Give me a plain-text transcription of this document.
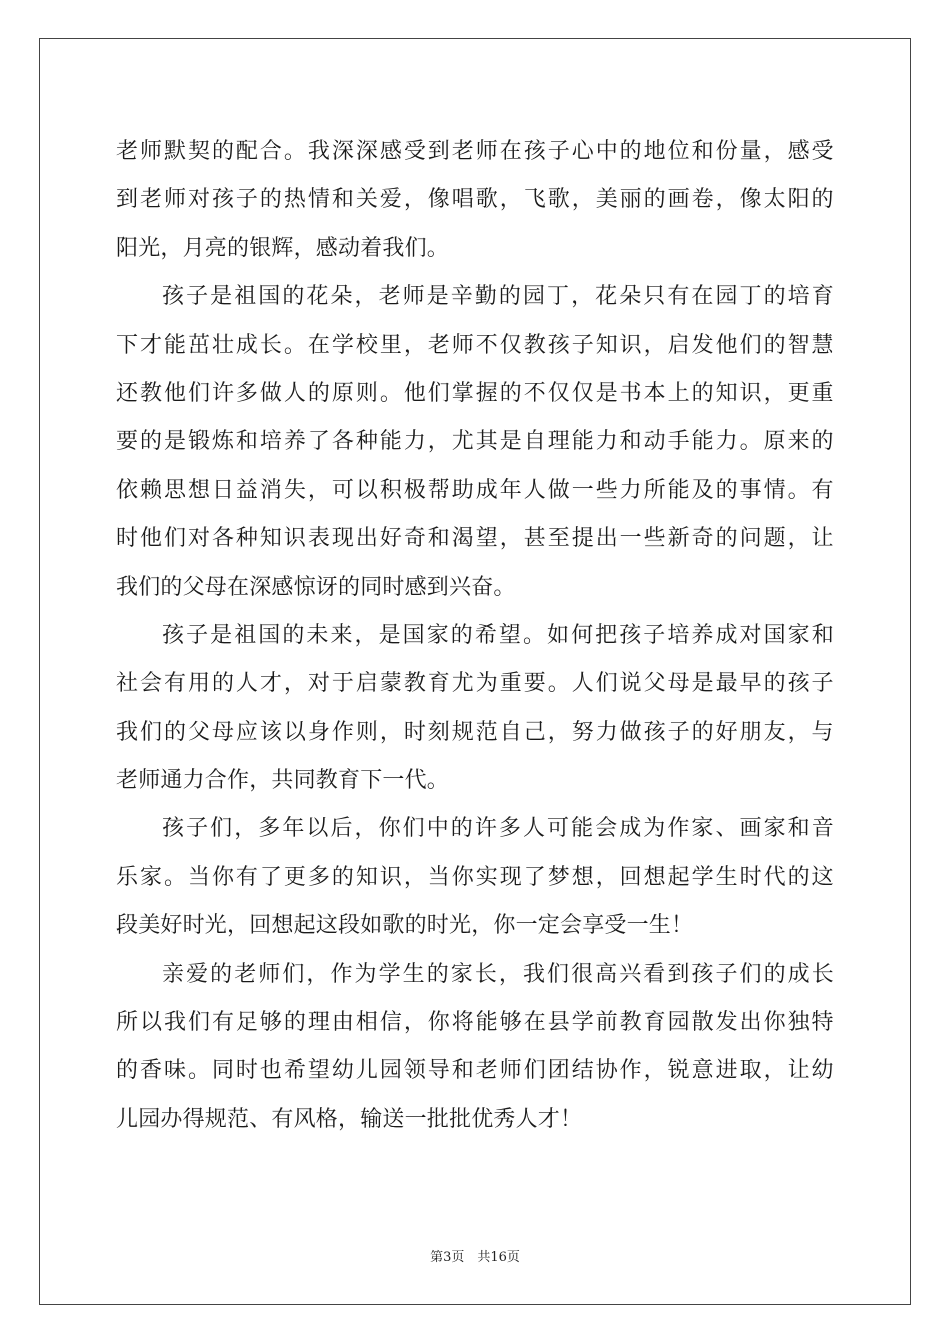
老 师 默 契 的 配 合 。 我 深 深 感 受 到 老 师 在 孩 子 心 中 的 地 位 和 份 量 ， 感 受
到 老 师 对 孩 子 的 热 情 和 关 爱 ， 像 唱 歌 ， 飞 歌 ， 美 丽 的 画 卷 ， 像 太 阳 的
阳光，月亮的银辉，感动着我们。
孩 子 是 祖 国 的 花 朵 ， 老 师 是 辛 勤 的 园 丁 ， 花 朵 只 有 在 园 丁 的 培 育
下 才 能 茁 壮 成 长 。 在 学 校 里 ， 老 师 不 仅 教 孩 子 知 识 ， 启 发 他 们 的 智 慧
还 教 他 们 许 多 做 人 的 原 则 。 他 们 掌 握 的 不 仅 仅 是 书 本 上 的 知 识 ， 更 重
要 的 是 锻 炼 和 培 养 了 各 种 能 力 ， 尤 其 是 自 理 能 力 和 动 手 能 力 。 原 来 的
依 赖 思 想 日 益 消 失 ， 可 以 积 极 帮 助 成 年 人 做 一 些 力 所 能 及 的 事 情 。 有
时 他 们 对 各 种 知 识 表 现 出 好 奇 和 渴 望 ， 甚 至 提 出 一 些 新 奇 的 问 题 ， 让
我们的父母在深感惊讶的同时感到兴奋。
孩 子 是 祖 国 的 未 来 ， 是 国 家 的 希 望 。 如 何 把 孩 子 培 养 成 对 国 家 和
社 会 有 用 的 人 才 ， 对 于 启 蒙 教 育 尤 为 重 要 。 人 们 说 父 母 是 最 早 的 孩 子
我 们 的 父 母 应 该 以 身 作 则 ， 时 刻 规 范 自 己 ， 努 力 做 孩 子 的 好 朋 友 ， 与
老师通力合作，共同教育下一代。
孩 子 们 ， 多 年 以 后 ， 你 们 中 的 许 多 人 可 能 会 成 为 作 家 、 画 家 和 音
乐 家 。 当 你 有 了 更 多 的 知 识 ， 当 你 实 现 了 梦 想 ， 回 想 起 学 生 时 代 的 这
段美好时光，回想起这段如歌的时光，你一定会享受一生！
亲 爱 的 老 师 们 ， 作 为 学 生 的 家 长 ， 我 们 很 高 兴 看 到 孩 子 们 的 成 长
所 以 我 们 有 足 够 的 理 由 相 信 ， 你 将 能 够 在 县 学 前 教 育 园 散 发 出 你 独 特
的 香 味 。 同 时 也 希 望 幼 儿 园 领 导 和 老 师 们 团 结 协 作 ， 锐 意 进 取 ， 让 幼
儿园办得规范、有风格，输送一批批优秀人才！
第3页　共16页
